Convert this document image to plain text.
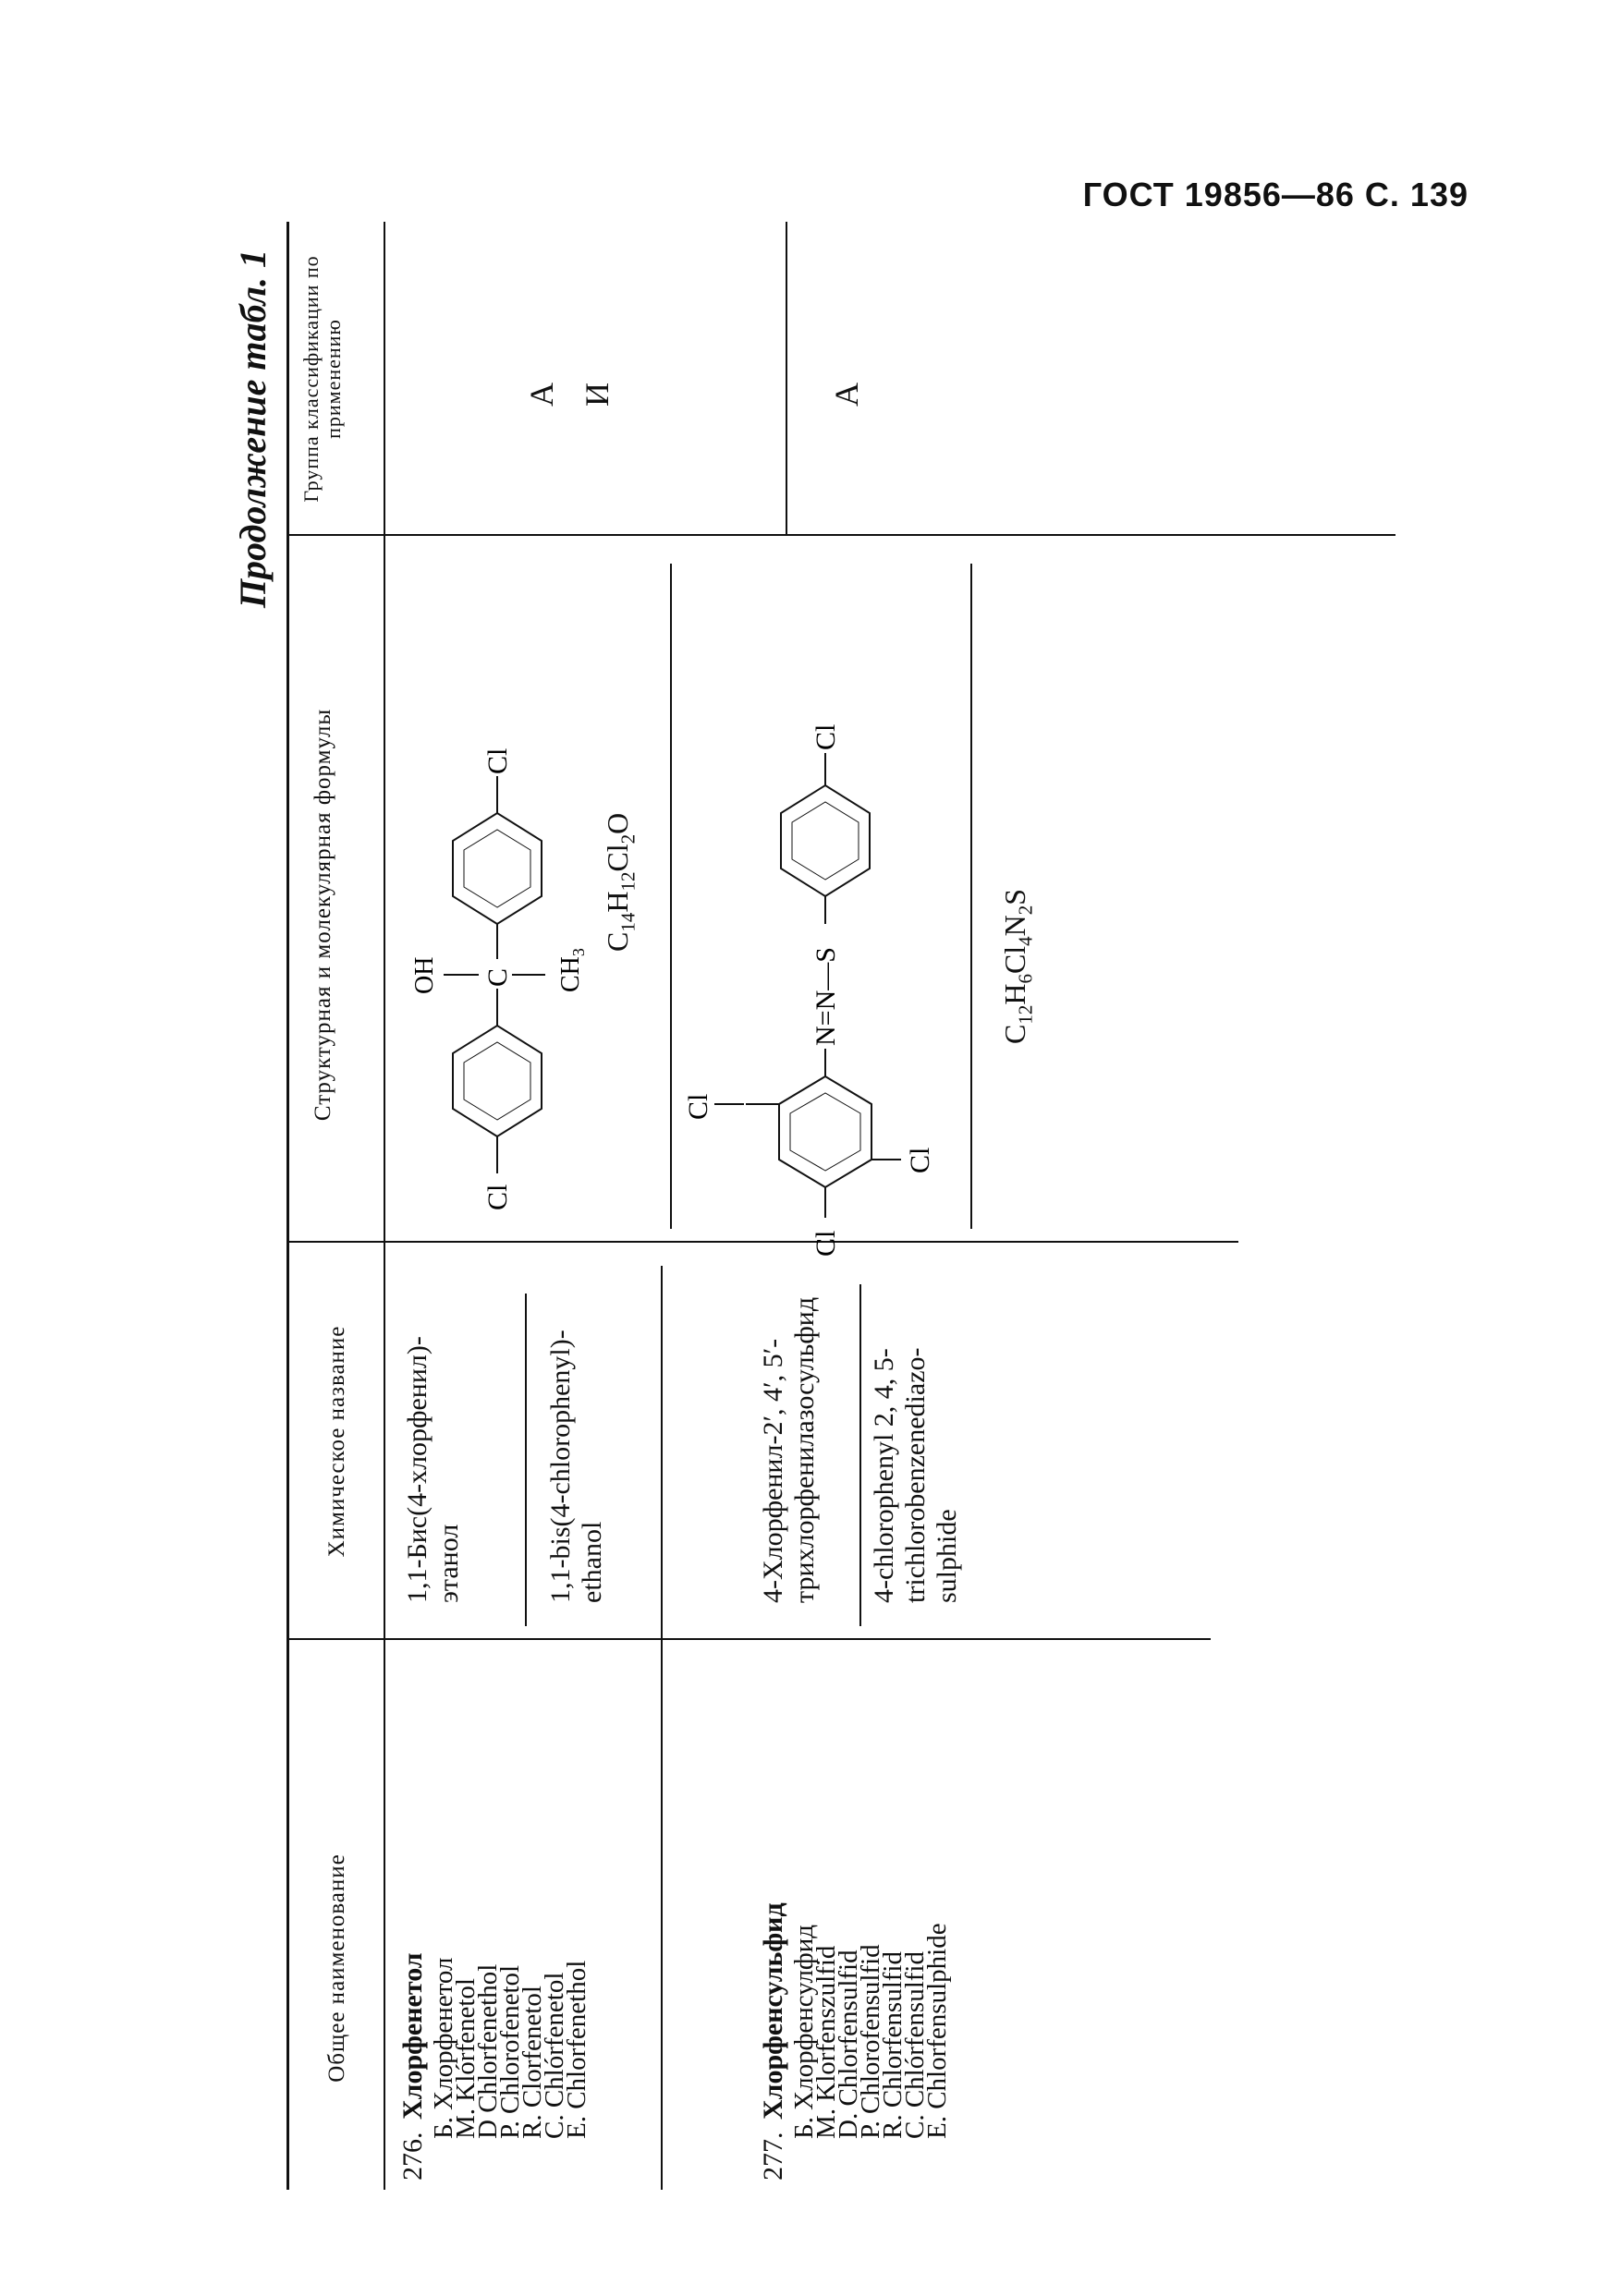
ГОСТ 19856—86 С. 139
Продолжение табл. 1
Общее наименование
Химическое название
Структурная и молекулярная формулы
Группа классификации по применению
276. Хлорфенетол Б. Хлорфенетол
М. Klórfenetol
D Chlorfenethol
Р. Chlorofenetol
R. Clorfenetol
С. Chlórfenetol
Е. Chlorfenethol
1,1-Бис(4-хлорфенил)-этанол	1,1-bis(4-chlorophenyl)-ethanol
Cl
OH C $CH_3$
Cl
$C_{14}H_{12}Cl_2O$
А И
277. Хлорфенсульфид Б. Хлорфенсулфид
М. Klorfenszulfid
D. Chlorfensulfid
Р. Chlorofensulfid
R. Chlorfensulfid
С. Chlórfensulfid
Е. Chlorfensulphide
4-Хлорфенил-2′, 4′, 5′-трихлорфенилазосульфид 4-chlorophenyl 2, 4, 5-trichlorobenzenediazo-sulphide
Cl
Cl
Cl
N=N—S
Cl
$C_{12}H_6Cl_4N_2S$
А
